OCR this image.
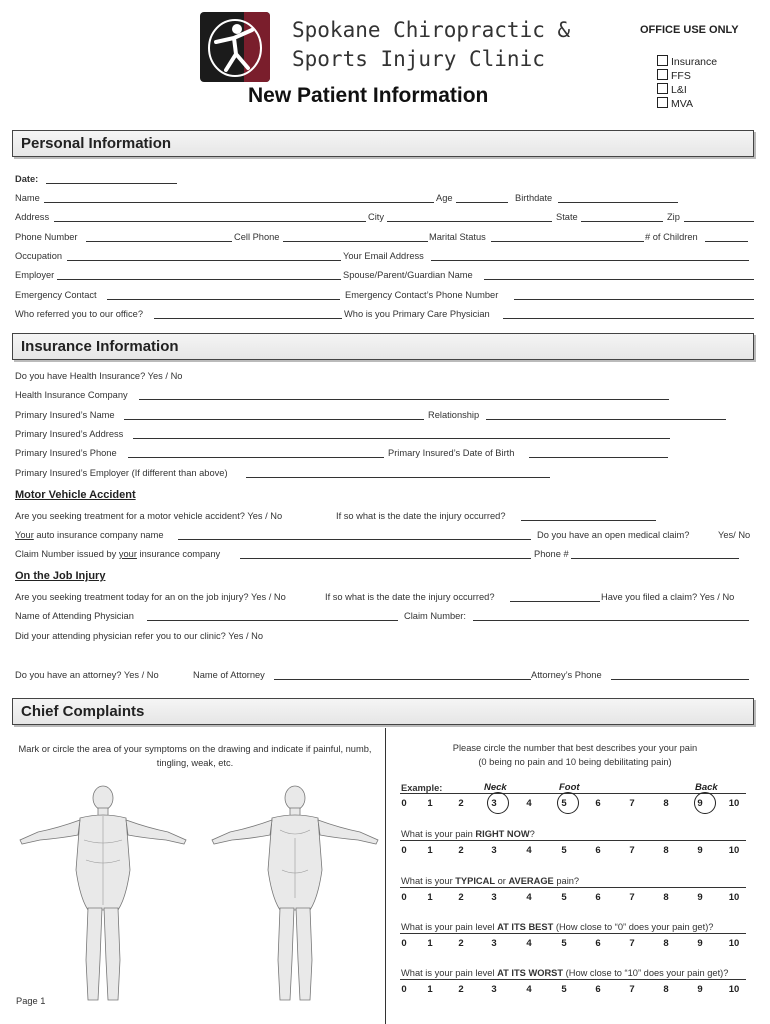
Spokane Chiropractic &
Sports Injury Clinic
New Patient Information
OFFICE USE ONLY
Insurance
FFS
L&I
MVA
Personal Information
Date:
Name	Age	Birthdate
Address	City	State	Zip
Phone Number	Cell Phone	Marital Status	# of Children
Occupation	Your Email Address
Employer	Spouse/Parent/Guardian Name
Emergency Contact	Emergency Contact’s Phone Number
Who referred you to our office?	Who is you Primary Care Physician
Insurance Information
Do you have Health Insurance? Yes / No
Health Insurance Company
Primary Insured’s Name	Relationship
Primary Insured’s Address
Primary Insured’s Phone	Primary Insured’s Date of Birth
Primary Insured’s Employer (If different than above)
Motor Vehicle Accident
Are you seeking treatment for a motor vehicle accident? Yes / No	If so what is the date the injury occurred?
Your auto insurance company name	Do you have an open medical claim?	Yes/ No
Claim Number issued by your insurance company	Phone #
On the Job Injury
Are you seeking treatment today for an on the job injury? Yes / No	If so what is the date the injury occurred?	Have you filed a claim? Yes / No
Name of Attending Physician	Claim Number:
Did your attending physician refer you to our clinic? Yes / No
Do you have an attorney? Yes / No	Name of Attorney	Attorney’s Phone
Chief Complaints
Mark or circle the area of your symptoms on the drawing and indicate if painful, numb, tingling, weak, etc.
Page 1
Please circle the number that best describes your your pain
(0 being no pain and 10 being debilitating pain)
Example:	Neck	Foot	Back
0	1	2	3	4	5	6	7	8	9	10
What is your pain RIGHT NOW?
0	1	2	3	4	5	6	7	8	9	10
What is your TYPICAL or AVERAGE pain?
0	1	2	3	4	5	6	7	8	9	10
What is your pain level AT ITS BEST (How close to “0” does your pain get)?
0	1	2	3	4	5	6	7	8	9	10
What is your pain level AT ITS WORST (How close to “10” does your pain get)?
0	1	2	3	4	5	6	7	8	9	10
